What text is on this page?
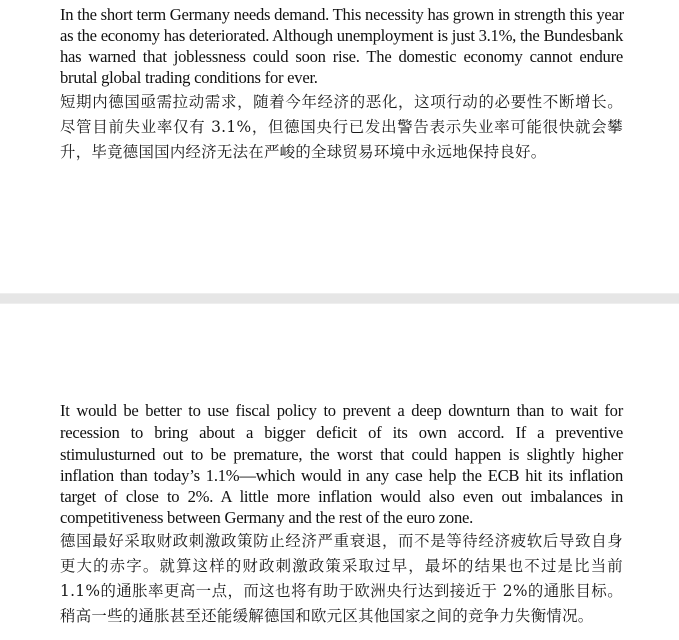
In the short term Germany needs demand. This necessity has grown in strength this year
as the economy has deteriorated. Although unemployment is just 3.1%, the Bundesbank
has warned that joblessness could soon rise. The domestic economy cannot endure
brutal global trading conditions for ever.
短期内德国亟需拉动需求，随着今年经济的恶化，这项行动的必要性不断增长。
尽管目前失业率仅有 3.1%，但德国央行已发出警告表示失业率可能很快就会攀
升，毕竟德国国内经济无法在严峻的全球贸易环境中永远地保持良好。
It would be better to use fiscal policy to prevent a deep downturn than to wait for
recession to bring about a bigger deficit of its own accord. If a preventive
stimulusturned out to be premature, the worst that could happen is slightly higher
inflation than today’s 1.1%—which would in any case help the ECB hit its inflation
target of close to 2%. A little more inflation would also even out imbalances in
competitiveness between Germany and the rest of the euro zone.
德国最好采取财政刺激政策防止经济严重衰退，而不是等待经济疲软后导致自身
更大的赤字。就算这样的财政刺激政策采取过早，最坏的结果也不过是比当前
1.1%的通胀率更高一点，而这也将有助于欧洲央行达到接近于 2%的通胀目标。
稍高一些的通胀甚至还能缓解德国和欧元区其他国家之间的竞争力失衡情况。
